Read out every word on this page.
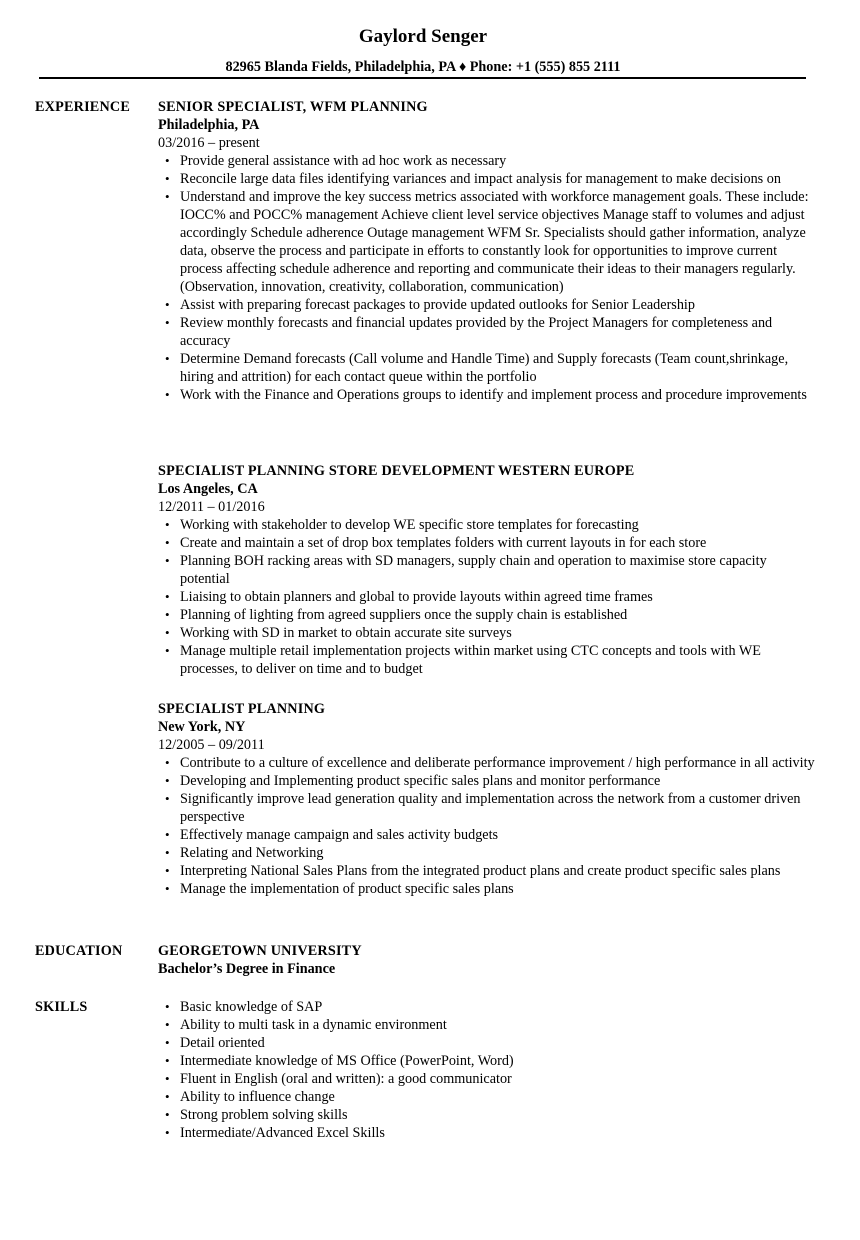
Gaylord Senger
82965 Blanda Fields, Philadelphia, PA ♦ Phone: +1 (555) 855 2111
EXPERIENCE SENIOR SPECIALIST, WFM PLANNING
Philadelphia, PA
03/2016 – present
• Provide general assistance with ad hoc work as necessary
• Reconcile large data files identifying variances and impact analysis for management to make decisions on
• Understand and improve the key success metrics associated with workforce management goals. These include: IOCC% and POCC% management Achieve client level service objectives Manage staff to volumes and adjust accordingly Schedule adherence Outage management WFM Sr. Specialists should gather information, analyze data, observe the process and participate in efforts to constantly look for opportunities to improve current process affecting schedule adherence and reporting and communicate their ideas to their managers regularly. (Observation, innovation, creativity, collaboration, communication)
• Assist with preparing forecast packages to provide updated outlooks for Senior Leadership
• Review monthly forecasts and financial updates provided by the Project Managers for completeness and accuracy
• Determine Demand forecasts (Call volume and Handle Time) and Supply forecasts (Team count,shrinkage, hiring and attrition) for each contact queue within the portfolio
• Work with the Finance and Operations groups to identify and implement process and procedure improvements
SPECIALIST PLANNING STORE DEVELOPMENT WESTERN EUROPE
Los Angeles, CA
12/2011 – 01/2016
• Working with stakeholder to develop WE specific store templates for forecasting
• Create and maintain a set of drop box templates folders with current layouts in for each store
• Planning BOH racking areas with SD managers, supply chain and operation to maximise store capacity potential
• Liaising to obtain planners and global to provide layouts within agreed time frames
• Planning of lighting from agreed suppliers once the supply chain is established
• Working with SD in market to obtain accurate site surveys
• Manage multiple retail implementation projects within market using CTC concepts and tools with WE processes, to deliver on time and to budget
SPECIALIST PLANNING
New York, NY
12/2005 – 09/2011
• Contribute to a culture of excellence and deliberate performance improvement / high performance in all activity
• Developing and Implementing product specific sales plans and monitor performance
• Significantly improve lead generation quality and implementation across the network from a customer driven perspective
• Effectively manage campaign and sales activity budgets
• Relating and Networking
• Interpreting National Sales Plans from the integrated product plans and create product specific sales plans
• Manage the implementation of product specific sales plans
EDUCATION	GEORGETOWN UNIVERSITY
Bachelor’s Degree in Finance
SKILLS
•	Basic knowledge of SAP
• Ability to multi task in a dynamic environment
• Detail oriented
• Intermediate knowledge of MS Office (PowerPoint, Word)
• Fluent in English (oral and written): a good communicator
• Ability to influence change
• Strong problem solving skills
• Intermediate/Advanced Excel Skills
